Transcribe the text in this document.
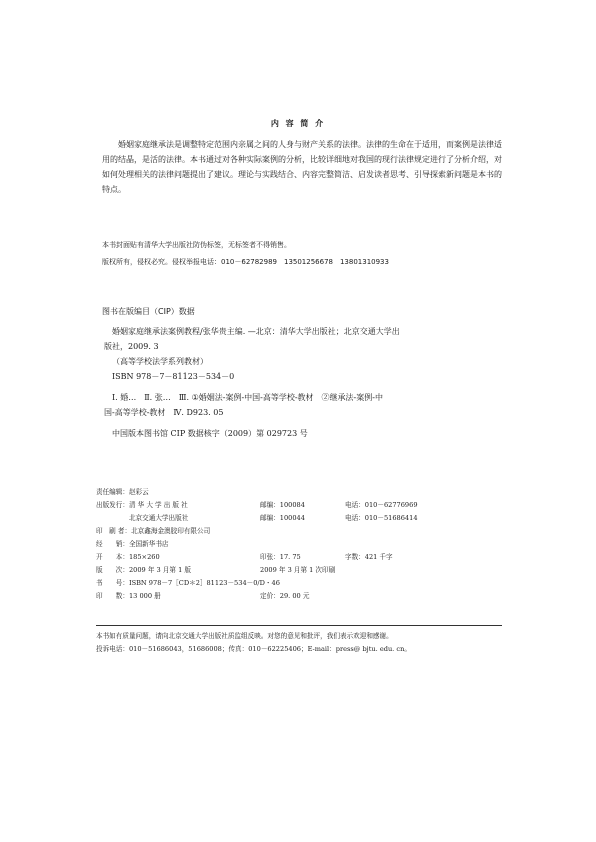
内 容 简 介

婚姻家庭继承法是调整特定范围内亲属之间的人身与财产关系的法律。法律的生命在于适用，而案例是法律适用的结晶，是活的法律。本书通过对各种实际案例的分析，比较详细地对我国的现行法律规定进行了分析介绍，对如何处理相关的法律问题提出了建议。理论与实践结合、内容完整简洁、启发读者思考、引导探索新问题是本书的特点。

本书封面贴有清华大学出版社防伪标签，无标签者不得销售。
版权所有，侵权必究。侵权举报电话：010－62782989　13501256678　13801310933
图书在版编目（CIP）数据
婚姻家庭继承法案例教程/张华贵主编. —北京：清华大学出版社；北京交通大学出
版社，2009. 3
（高等学校法学系列教材）
ISBN 978－7－81123－534－0
Ⅰ. 婚…　Ⅱ. 张…　Ⅲ. ①婚姻法-案例-中国-高等学校-教材　②继承法-案例-中
国-高等学校-教材　Ⅳ. D923. 05
中国版本图书馆 CIP 数据核字（2009）第 029723 号
责任编辑：赵彩云
出版发行：清 华 大 学 出 版 社	邮编：100084	电话：010－62776969
　　　　　北京交通大学出版社	邮编：100044	电话：010－51686414
印　刷 者：北京鑫海金澳胶印有限公司
经　　销：全国新华书店
开　　本：185×260	印张：17. 75	字数：421 千字
版　　次：2009 年 3 月第 1 版	2009 年 3 月第 1 次印刷
书　　号：ISBN 978－7［CD＊2］81123－534－0/D・46
印　　数：13 000 册	定价：29. 00 元

本书如有质量问题，请向北京交通大学出版社质监组反映。对您的意见和批评，我们表示欢迎和感谢。

投诉电话：010－51686043，51686008；传真：010－62225406；E-mail：press@ bjtu. edu. cn。
